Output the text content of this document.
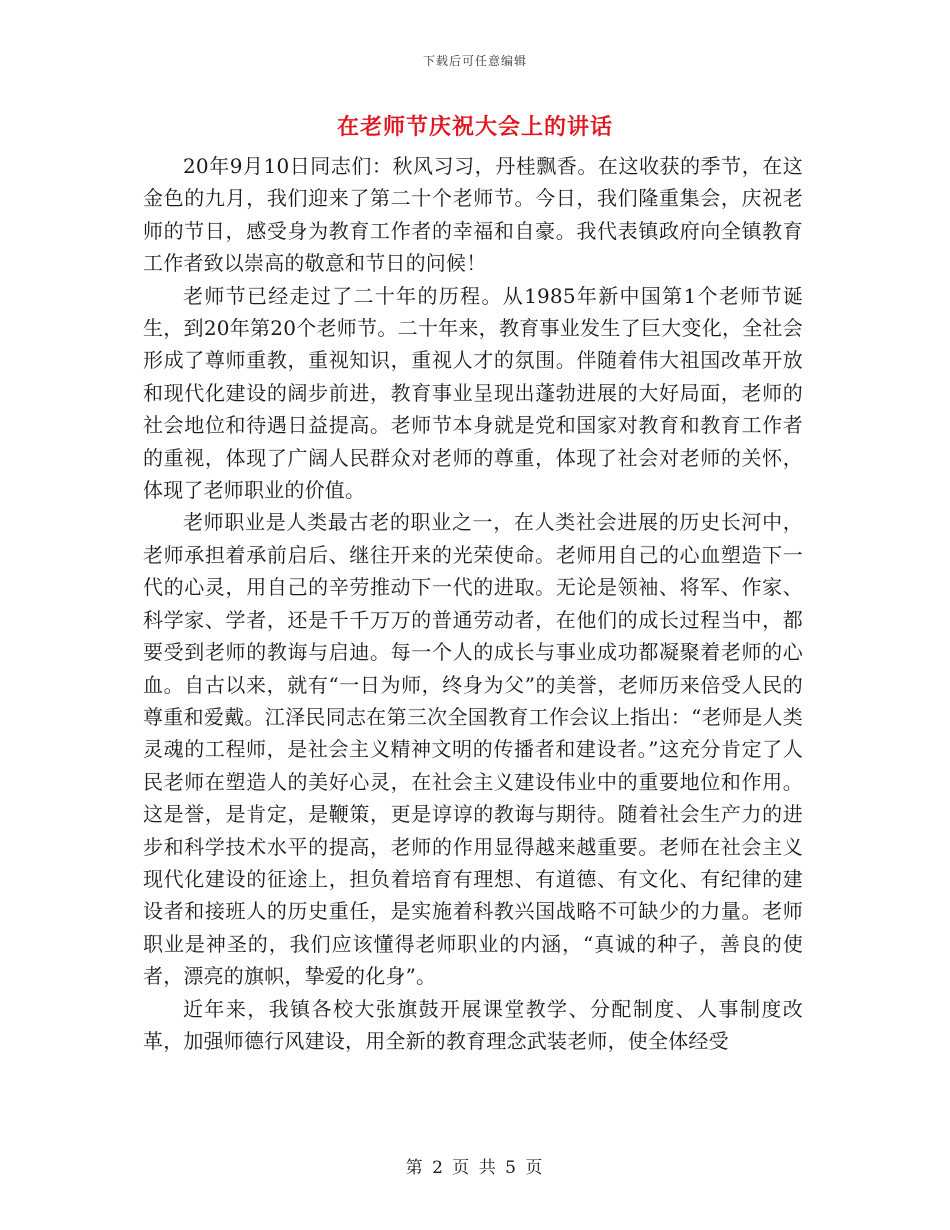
下载后可任意编辑
在老师节庆祝大会上的讲话

20年9月10日同志们：秋风习习，丹桂飘香。在这收获的季节，在这金色的九月，我们迎来了第二十个老师节。今日，我们隆重集会，庆祝老师的节日，感受身为教育工作者的幸福和自豪。我代表镇政府向全镇教育工作者致以崇高的敬意和节日的问候！

老师节已经走过了二十年的历程。从1985年新中国第1个老师节诞生，到20年第20个老师节。二十年来，教育事业发生了巨大变化，全社会形成了尊师重教，重视知识，重视人才的氛围。伴随着伟大祖国改革开放和现代化建设的阔步前进，教育事业呈现出蓬勃进展的大好局面，老师的社会地位和待遇日益提高。老师节本身就是党和国家对教育和教育工作者的重视，体现了广阔人民群众对老师的尊重，体现了社会对老师的关怀，体现了老师职业的价值。

老师职业是人类最古老的职业之一，在人类社会进展的历史长河中，老师承担着承前启后、继往开来的光荣使命。老师用自己的心血塑造下一代的心灵，用自己的辛劳推动下一代的进取。无论是领袖、将军、作家、科学家、学者，还是千千万万的普通劳动者，在他们的成长过程当中，都要受到老师的教诲与启迪。每一个人的成长与事业成功都凝聚着老师的心血。自古以来，就有“一日为师，终身为父”的美誉，老师历来倍受人民的尊重和爱戴。江泽民同志在第三次全国教育工作会议上指出：“老师是人类灵魂的工程师，是社会主义精神文明的传播者和建设者。”这充分肯定了人民老师在塑造人的美好心灵，在社会主义建设伟业中的重要地位和作用。这是誉，是肯定，是鞭策，更是谆谆的教诲与期待。随着社会生产力的进步和科学技术水平的提高，老师的作用显得越来越重要。老师在社会主义现代化建设的征途上，担负着培育有理想、有道德、有文化、有纪律的建设者和接班人的历史重任，是实施着科教兴国战略不可缺少的力量。老师职业是神圣的，我们应该懂得老师职业的内涵，“真诚的种子，善良的使者，漂亮的旗帜，挚爱的化身”。

近年来，我镇各校大张旗鼓开展课堂教学、分配制度、人事制度改革，加强师德行风建设，用全新的教育理念武装老师，使全体经受

第 2 页 共 5 页
